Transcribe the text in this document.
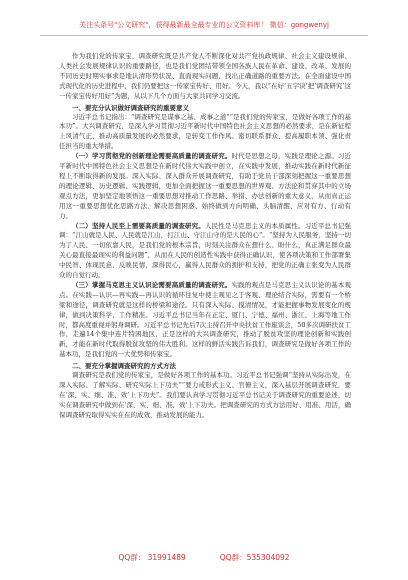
关注头条号"公文研究"，获得最新最全最专业的公文资料库！ 微信：gongwenyj

作为我们党的传家宝，调查研究既是共产党人不断深化对共产党执政规律、社会主义建设规律、人类社会发展规律认识的重要路径，也是我们党团结带领全国各族人民在革命、建设、改革、发展的不同历史时期实事求是地认清形势状况、直面现实问题、找出正确道路的重要方法。在全面建设中国式现代化的历史进程中，我们仍要把这一传家宝传好、用好。今天，我以“在好‘五字诀’把‘调查研究’这一传家宝传好用好”为题，从以下几个方面与大家共同学习交流。

一、要充分认识做好调查研究的重要意义

习近平总书记指出：“调查研究是谋事之基、成事之道”“是我们党的传家宝，是做好各项工作的基本功”。大兴调查研究，是深入学习贯彻习近平新时代中国特色社会主义思想的必然要求，是在新征程上风清气正、推动高质量发展的必然要求，是转变工作作风、密切联系群众、提高履职本领、强化责任担当的重大举措。

（一）学习贯彻党的创新理论需要高质量的调查研究。时代是思想之母，实践是理论之源。习近平新时代中国特色社会主义思想是在新时代伟大实践中创立，在实践中发展，推动实践在新时代新征程上不断取得新的发展。深入实际、深入群众开展调查研究，有助于党员干部深刻把握这一重要思想的理论逻辑、历史逻辑、实践逻辑，更加全面把握这一重要思想的世界观、方法论和贯穿其中的立场观点方法，更加坚定地领悟这一重要思想对推动工作思路、举措、办法创新的重大意义，从而真正运用这一重要思想优化思路方法、解决思想困惑、始终做到方向明确、头脑清醒、应对有方、行动有力。

（二）坚持人民至上需要高质量的调查研究。人民性是马克思主义的本质属性。习近平总书记强调：“江山就是人民、人民就是江山，打江山、守江山守的是人民的心”。“坚持为人民服务，坚持一切为了人民、一切依靠人民，是我们党的根本宗旨，时刻关注群众在想什么、盼什么，真正满足群众最关心最直接最现实的利益问题”，从而在人民的创造性实践中获得正确认识，使各项决策和工作部署集中民智、体现民意、反映民情，深得民心，赢得人民群众的拥护和支持，把党的正确主张变为人民群众的自觉行动。

（三）掌握马克思主义认识论需要高质量的调查研究。实践的观点是马克思主义认识论的基本观点。在实践—认识—再实践—再认识的循环往复中使主观见之于客观、理论结合实际，需要有一个桥梁和途径，调查研究就是这样的桥梁和途径。只有深入实际、摸清情况，才能把握事物发展变化的规律，做到决策科学、工作精准。习近平总书记当年在正定、厦门、宁德、福州、浙江、上海等地工作时，都高度重视并躬身调研。习近平总书记先后7次主持召开中央扶贫工作座谈会，50多次调研扶贫工作，走遍14个集中连片特困地区，正是这样的大兴调查研究，推动了脱贫攻坚的理论创新和实践创新，才能在新时代取得脱贫攻坚的伟大胜利。这样的鲜活实践告诉我们，调查研究是做好各项工作的基本功，是我们党的一大优势和传家宝。

二、要充分掌握调查研究的方式方法

调查研究是我们党的传家宝，是做好各项工作的基本功。习近平总书记强调“坚持从实际出发，在深入实际、了解实际、研究实际上下功夫”“要力戒形式主义、官僚主义，深入基层开展调查研究，要在‘深、实、细、准、效’上下功夫”。我们要认真学习贯彻习近平总书记关于调查研究的重要论述，切实在调查研究中做到在‘深、实、细、准、效’上下功夫。把调查研究的方式方法用好、用准、用活，确保调查研究取得实实在在的成效，推动发展的能力。

QQ群： 31991489	QQ群：535304092
